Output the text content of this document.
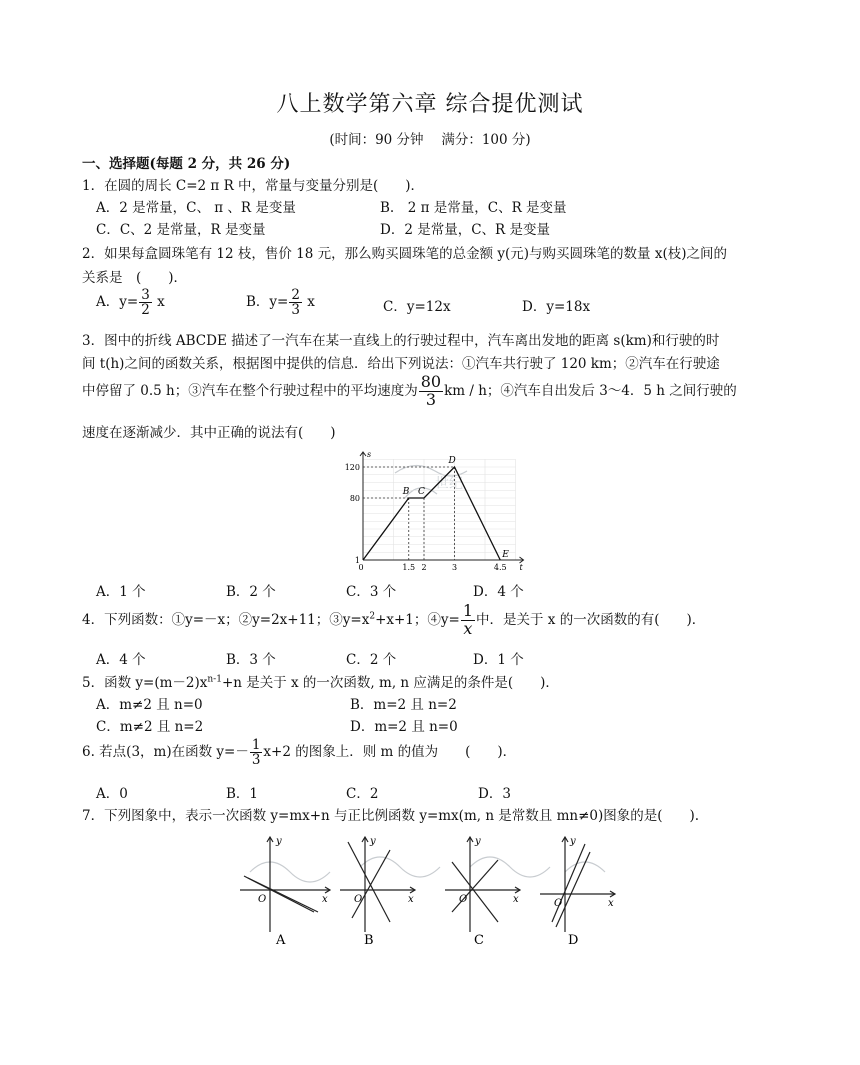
八上数学第六章 综合提优测试
(时间：90 分钟　 满分：100 分)
一、选择题(每题 2 分，共 26 分)
1．在圆的周长 C=2 π R 中，常量与变量分别是(　　)．
A．2 是常量，C、 π 、R 是变量	B.　2 π 是常量，C、R 是变量
C．C、2 是常量，R 是变量	D．2 是常量，C、R 是变量
2．如果每盒圆珠笔有 12 枝，售价 18 元，那么购买圆珠笔的总金额 y(元)与购买圆珠笔的数量 x(枝)之间的
关系是　(　　)．
A．$y= \frac{3}{2}$ x	B．$y= \frac{2}{3}$ x	C．y=12x	D．y=18x
3．图中的折线 ABCDE 描述了一汽车在某一直线上的行驶过程中，汽车离出发地的距离 s(km)和行驶的时
间 t(h)之间的函数关系，根据图中提供的信息．给出下列说法：①汽车共行驶了 120 km；②汽车在行驶途
中停留了 0.5 h；③汽车在整个行驶过程中的平均速度为 $\frac{80}{3}$ km / h；④汽车自出发后 3～4．5 h 之间行驶的
速度在逐渐减少．其中正确的说法有(　　)
世纪
s
t
B C
D
E
120
80
1
0	1.5 2	3	4.5
A．1 个	B．2 个	C．3 个	D．4 个
4．下列函数：①y=－x；②y=2x+11；$③y=x^2+x+1$；④y= $\frac{1}{x}$ 中．是关于 x 的一次函数的有(　　)．
A．4 个	B．3 个	C．2 个	D．1 个
5．函数 $y=(m-2)x^{n-1}+n$ 是关于 x 的一次函数, m, n 应满足的条件是(　　)．
A．m≠2 且 n=0	B．m=2 且 n=2
C．m≠2 且 n=2	D．m=2 且 n=0
6. 若点(3，m)在函数 $y=- \frac{1}{3} x+2$ 的图象上．则 m 的值为　　(　　)．
A．0	B．1	C．2	D．3
7．下列图象中，表示一次函数 y=mx+n 与正比例函数 y=mx(m, n 是常数且 mn≠0)图象的是(　　).
y
x
O
A
y
x
O
B
y
x
O
C
y
x
O
D
